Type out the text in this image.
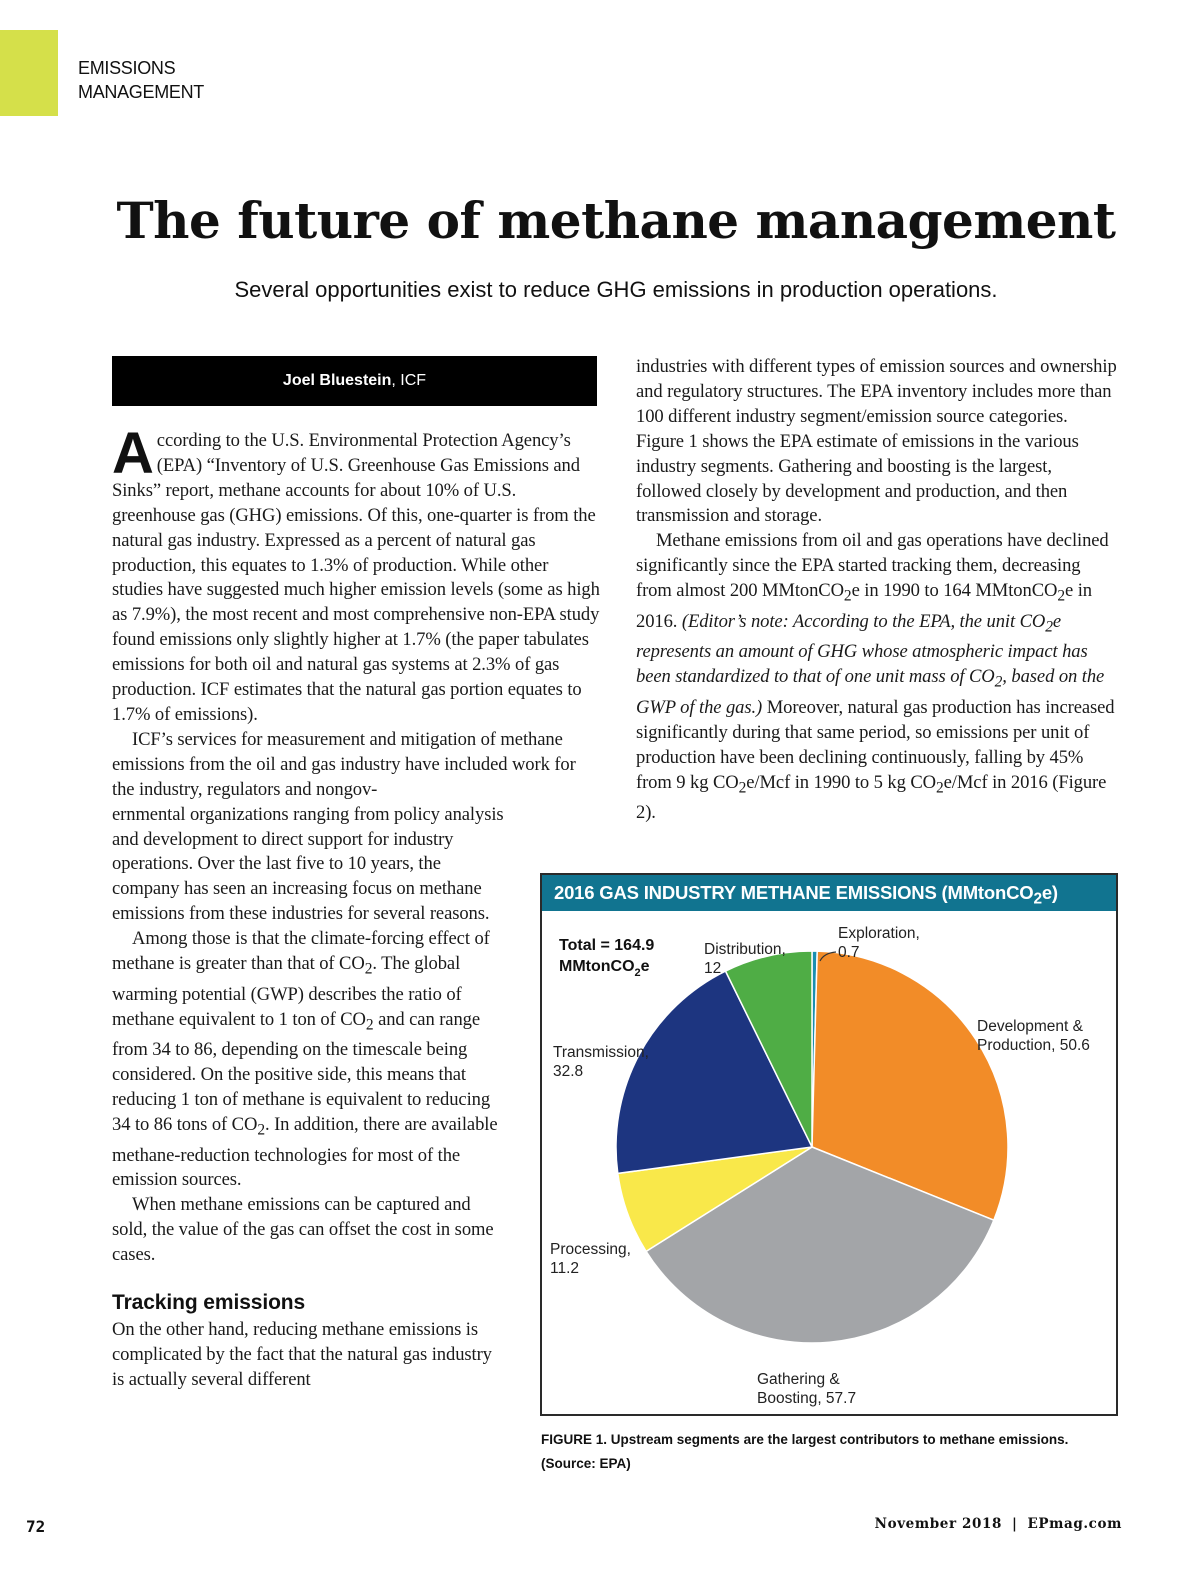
EMISSIONS
MANAGEMENT
The future of methane management
Several opportunities exist to reduce GHG emissions in production operations.
Joel Bluestein, ICF

According to the U.S. Environmental Protection Agency’s (EPA) “Inventory of U.S. Greenhouse Gas Emissions and Sinks” report, methane accounts for about 10% of U.S. greenhouse gas (GHG) emissions. Of this, one-quarter is from the natural gas industry. Expressed as a percent of natural gas production, this equates to 1.3% of production. While other studies have suggested much higher emission levels (some as high as 7.9%), the most recent and most comprehensive non-EPA study found emissions only slightly higher at 1.7% (the paper tabulates emissions for both oil and natural gas systems at 2.3% of gas production. ICF estimates that the natural gas portion equates to 1.7% of emissions).

ICF’s services for measurement and mitigation of methane emissions from the oil and gas industry have included work for the industry, regulators and nongov-

ernmental organizations ranging from policy analysis and development to direct support for industry operations. Over the last five to 10 years, the company has seen an increasing focus on methane emissions from these industries for several reasons.

Among those is that the climate-forcing effect of methane is greater than that of $CO_2$. The global warming potential (GWP) describes the ratio of methane equivalent to 1 ton of $CO_2$ and can range from 34 to 86, depending on the timescale being considered. On the positive side, this means that reducing 1 ton of methane is equivalent to reducing 34 to 86 tons of $CO_2$. In addition, there are available methane-reduction technologies for most of the emission sources.

When methane emissions can be captured and sold, the value of the gas can offset the cost in some cases.

Tracking emissions

On the other hand, reducing methane emissions is complicated by the fact that the natural gas industry is actually several different

industries with different types of emission sources and ownership and regulatory structures. The EPA inventory includes more than 100 different industry segment/emission source categories. Figure 1 shows the EPA estimate of emissions in the various industry segments. Gathering and boosting is the largest, followed closely by development and production, and then transmission and storage.

Methane emissions from oil and gas operations have declined significantly since the EPA started tracking them, decreasing from almost 200 MMtonCO$_2$e in 1990 to 164 MMtonCO$_2$e in 2016. (Editor’s note: According to the EPA, the unit $CO_2e$ represents an amount of GHG whose atmospheric impact has been standardized to that of one unit mass of $CO_2$, based on the GWP of the gas.) Moreover, natural gas production has increased significantly during that same period, so emissions per unit of production have been declining continuously, falling by 45% from 9 kg $CO_2e$/Mcf in 1990 to 5 kg $CO_2e$/Mcf in 2016 (Figure 2).

2016 GAS INDUSTRY METHANE EMISSIONS (MMtonCO$_2$e)
Total = 164.9
MMtonCO$_2$e
Exploration,
0.7
Development &
Production, 50.6
Gathering &
Boosting, 57.7
Processing,
11.2
Transmission,
32.8
Distribution,
12
FIGURE 1. Upstream segments are the largest contributors to methane emissions. (Source: EPA)
72	November 2018 | EPmag.com
